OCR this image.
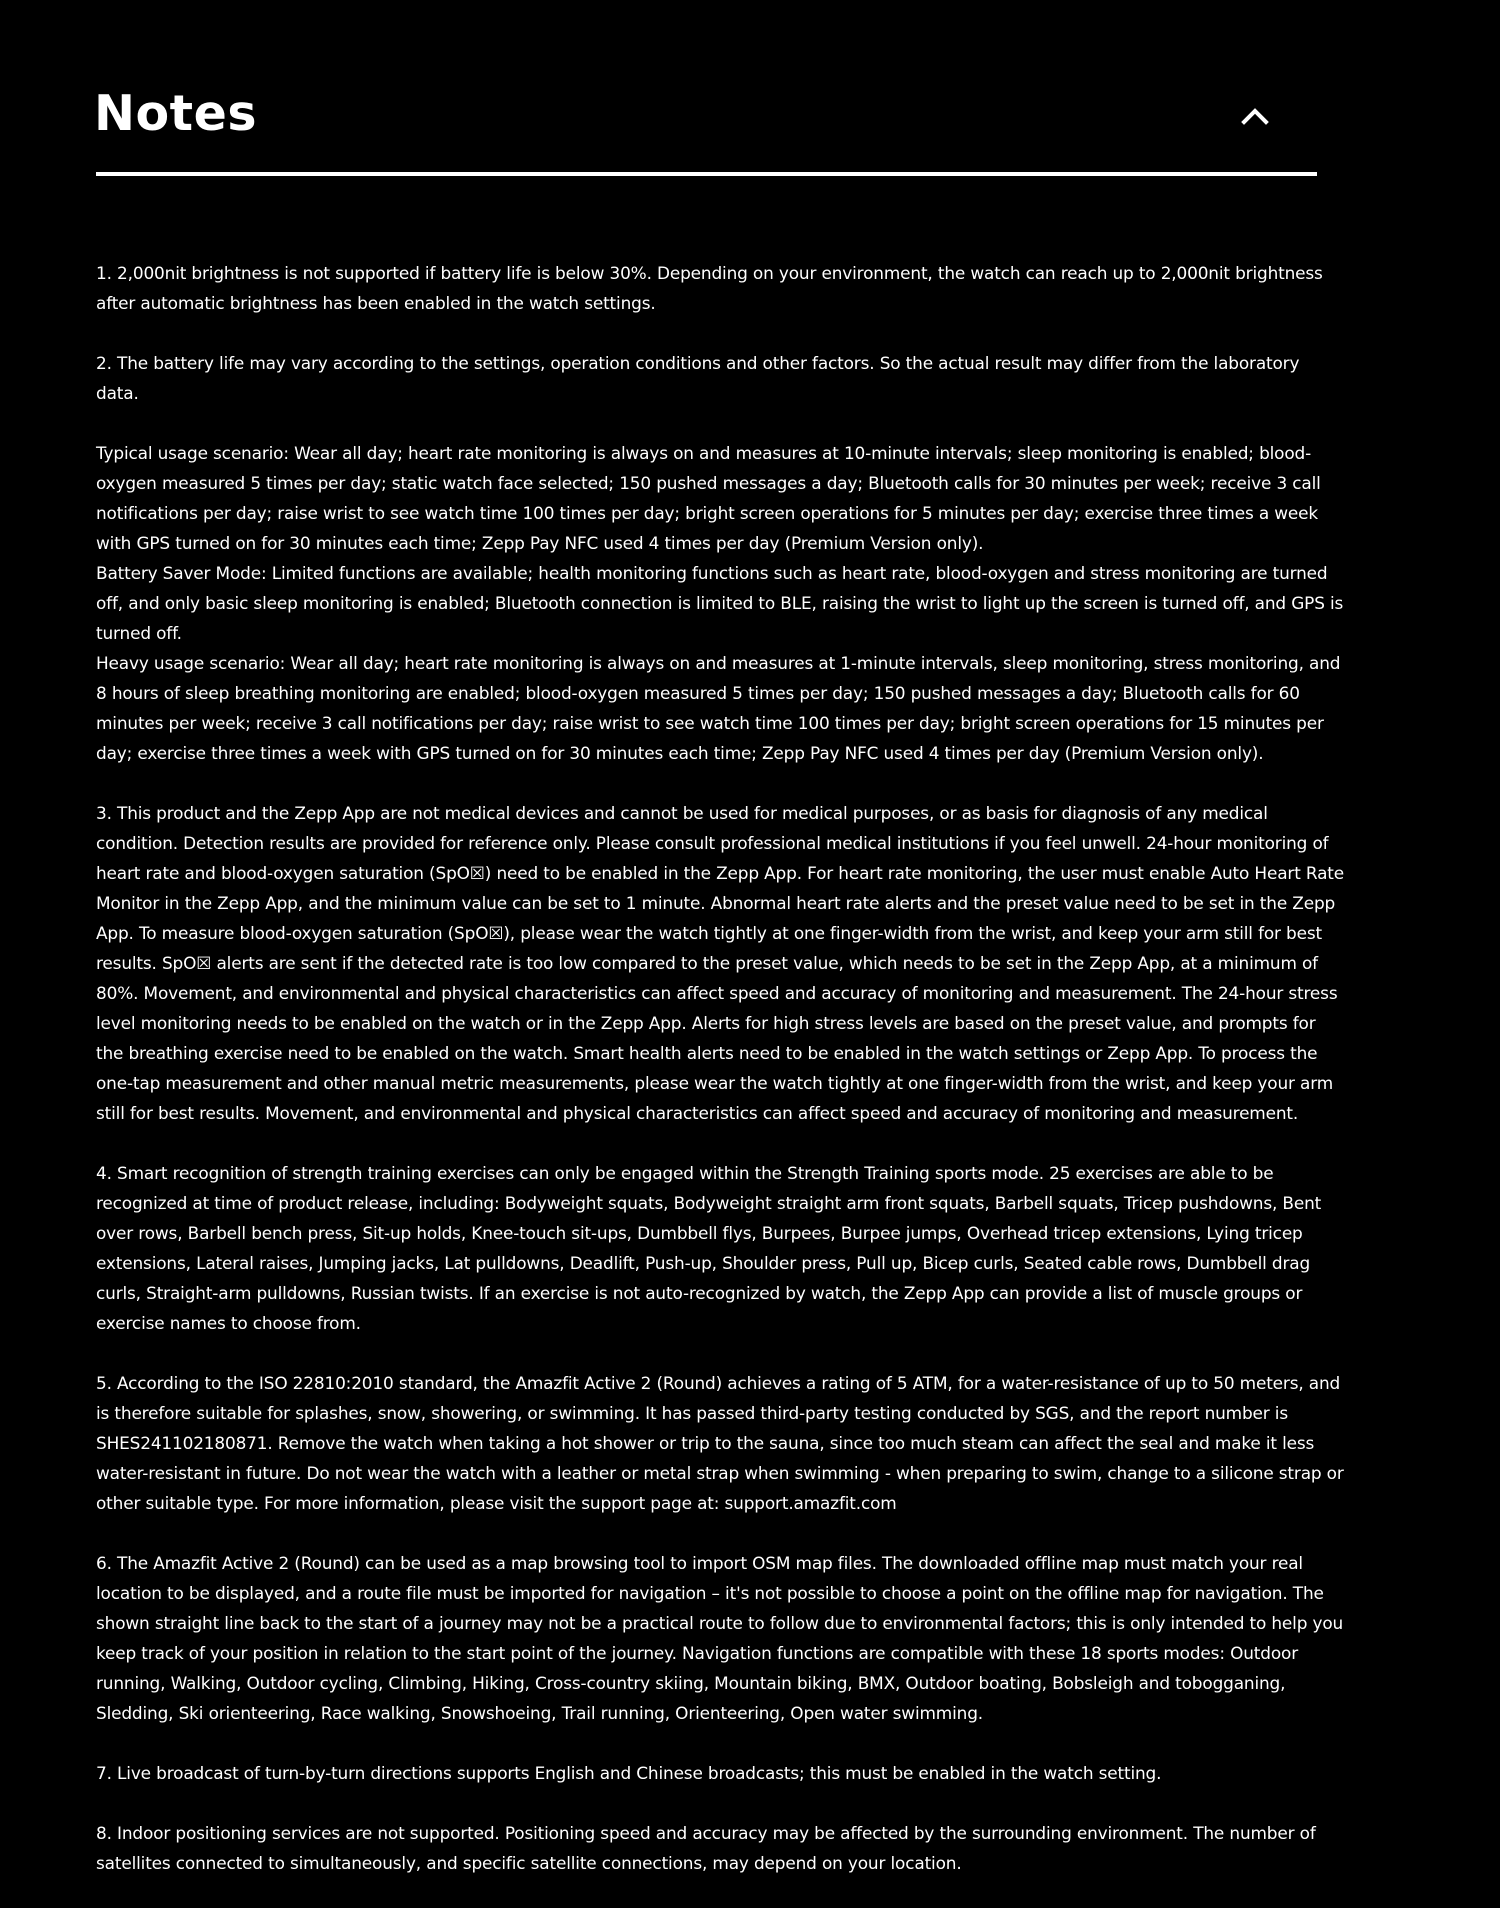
Notes

1. 2,000nit brightness is not supported if battery life is below 30%. Depending on your environment, the watch can reach up to 2,000nit brightness after automatic brightness has been enabled in the watch settings.

2. The battery life may vary according to the settings, operation conditions and other factors. So the actual result may differ from the laboratory data.

Typical usage scenario: Wear all day; heart rate monitoring is always on and measures at 10-minute intervals; sleep monitoring is enabled; blood-oxygen measured 5 times per day; static watch face selected; 150 pushed messages a day; Bluetooth calls for 30 minutes per week; receive 3 call notifications per day; raise wrist to see watch time 100 times per day; bright screen operations for 5 minutes per day; exercise three times a week with GPS turned on for 30 minutes each time; Zepp Pay NFC used 4 times per day (Premium Version only).

Battery Saver Mode: Limited functions are available; health monitoring functions such as heart rate, blood-oxygen and stress monitoring are turned off, and only basic sleep monitoring is enabled; Bluetooth connection is limited to BLE, raising the wrist to light up the screen is turned off, and GPS is turned off.

Heavy usage scenario: Wear all day; heart rate monitoring is always on and measures at 1-minute intervals, sleep monitoring, stress monitoring, and 8 hours of sleep breathing monitoring are enabled; blood-oxygen measured 5 times per day; 150 pushed messages a day; Bluetooth calls for 60 minutes per week; receive 3 call notifications per day; raise wrist to see watch time 100 times per day; bright screen operations for 15 minutes per day; exercise three times a week with GPS turned on for 30 minutes each time; Zepp Pay NFC used 4 times per day (Premium Version only).

3. This product and the Zepp App are not medical devices and cannot be used for medical purposes, or as basis for diagnosis of any medical condition. Detection results are provided for reference only. Please consult professional medical institutions if you feel unwell. 24-hour monitoring of heart rate and blood-oxygen saturation (SpO☒) need to be enabled in the Zepp App. For heart rate monitoring, the user must enable Auto Heart Rate Monitor in the Zepp App, and the minimum value can be set to 1 minute. Abnormal heart rate alerts and the preset value need to be set in the Zepp App. To measure blood-oxygen saturation (SpO☒), please wear the watch tightly at one finger-width from the wrist, and keep your arm still for best results. SpO☒ alerts are sent if the detected rate is too low compared to the preset value, which needs to be set in the Zepp App, at a minimum of 80%. Movement, and environmental and physical characteristics can affect speed and accuracy of monitoring and measurement. The 24-hour stress level monitoring needs to be enabled on the watch or in the Zepp App. Alerts for high stress levels are based on the preset value, and prompts for the breathing exercise need to be enabled on the watch. Smart health alerts need to be enabled in the watch settings or Zepp App. To process the one-tap measurement and other manual metric measurements, please wear the watch tightly at one finger-width from the wrist, and keep your arm still for best results. Movement, and environmental and physical characteristics can affect speed and accuracy of monitoring and measurement.

4. Smart recognition of strength training exercises can only be engaged within the Strength Training sports mode. 25 exercises are able to be recognized at time of product release, including: Bodyweight squats, Bodyweight straight arm front squats, Barbell squats, Tricep pushdowns, Bent over rows, Barbell bench press, Sit-up holds, Knee-touch sit-ups, Dumbbell flys, Burpees, Burpee jumps, Overhead tricep extensions, Lying tricep extensions, Lateral raises, Jumping jacks, Lat pulldowns, Deadlift, Push-up, Shoulder press, Pull up, Bicep curls, Seated cable rows, Dumbbell drag curls, Straight-arm pulldowns, Russian twists. If an exercise is not auto-recognized by watch, the Zepp App can provide a list of muscle groups or exercise names to choose from.

5. According to the ISO 22810:2010 standard, the Amazfit Active 2 (Round) achieves a rating of 5 ATM, for a water-resistance of up to 50 meters, and is therefore suitable for splashes, snow, showering, or swimming. It has passed third-party testing conducted by SGS, and the report number is SHES241102180871. Remove the watch when taking a hot shower or trip to the sauna, since too much steam can affect the seal and make it less water-resistant in future. Do not wear the watch with a leather or metal strap when swimming - when preparing to swim, change to a silicone strap or other suitable type. For more information, please visit the support page at: support.amazfit.com

6. The Amazfit Active 2 (Round) can be used as a map browsing tool to import OSM map files. The downloaded offline map must match your real location to be displayed, and a route file must be imported for navigation – it's not possible to choose a point on the offline map for navigation. The shown straight line back to the start of a journey may not be a practical route to follow due to environmental factors; this is only intended to help you keep track of your position in relation to the start point of the journey. Navigation functions are compatible with these 18 sports modes: Outdoor running, Walking, Outdoor cycling, Climbing, Hiking, Cross-country skiing, Mountain biking, BMX, Outdoor boating, Bobsleigh and tobogganing, Sledding, Ski orienteering, Race walking, Snowshoeing, Trail running, Orienteering, Open water swimming.

7. Live broadcast of turn-by-turn directions supports English and Chinese broadcasts; this must be enabled in the watch setting.

8. Indoor positioning services are not supported. Positioning speed and accuracy may be affected by the surrounding environment. The number of satellites connected to simultaneously, and specific satellite connections, may depend on your location.
